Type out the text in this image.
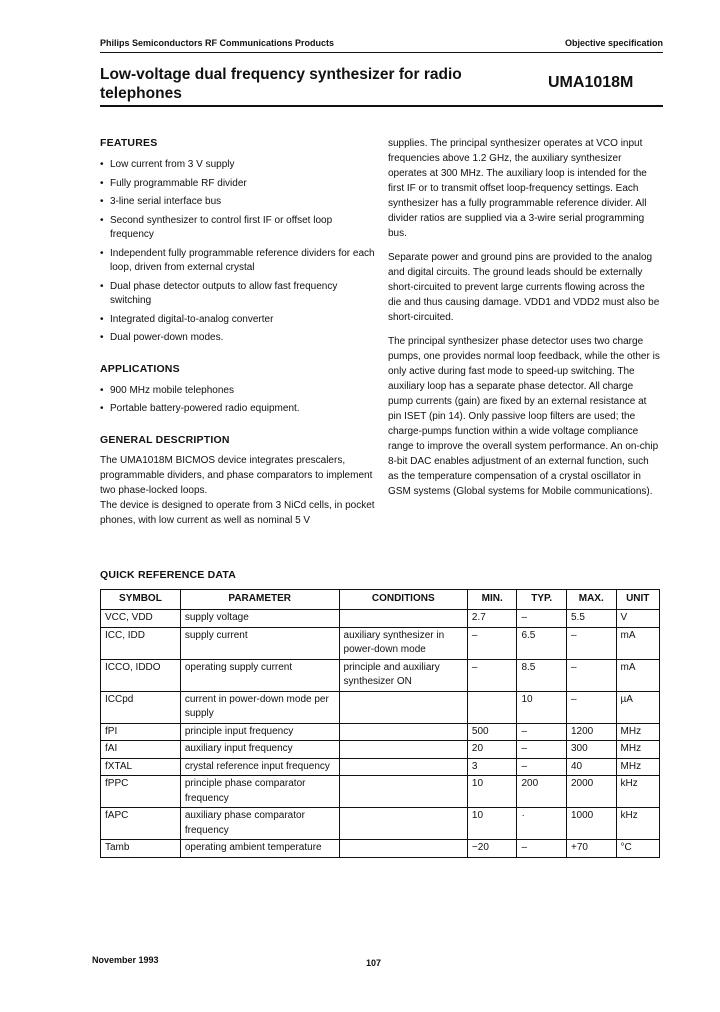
Philips Semiconductors RF Communications Products	Objective specification
Low-voltage dual frequency synthesizer for radio
telephones
UMA1018M
FEATURES
• Low current from 3 V supply
• Fully programmable RF divider
• 3-line serial interface bus
• Second synthesizer to control first IF or offset loop frequency
• Independent fully programmable reference dividers for each loop, driven from external crystal
• Dual phase detector outputs to allow fast frequency switching
• Integrated digital-to-analog converter
• Dual power-down modes.
APPLICATIONS
• 900 MHz mobile telephones
• Portable battery-powered radio equipment.
GENERAL DESCRIPTION

The UMA1018M BICMOS device integrates prescalers, programmable dividers, and phase comparators to implement two phase-locked loops.

The device is designed to operate from 3 NiCd cells, in pocket phones, with low current as well as nominal 5 V

supplies. The principal synthesizer operates at VCO input frequencies above 1.2 GHz, the auxiliary synthesizer operates at 300 MHz. The auxiliary loop is intended for the first IF or to transmit offset loop-frequency settings. Each synthesizer has a fully programmable reference divider. All divider ratios are supplied via a 3-wire serial programming bus.

Separate power and ground pins are provided to the analog and digital circuits. The ground leads should be externally short-circuited to prevent large currents flowing across the die and thus causing damage. VDD1 and VDD2 must also be short-circuited.

The principal synthesizer phase detector uses two charge pumps, one provides normal loop feedback, while the other is only active during fast mode to speed-up switching. The auxiliary loop has a separate phase detector. All charge pump currents (gain) are fixed by an external resistance at pin ISET (pin 14). Only passive loop filters are used; the charge-pumps function within a wide voltage compliance range to improve the overall system performance. An on-chip 8-bit DAC enables adjustment of an external function, such as the temperature compensation of a crystal oscillator in GSM systems (Global systems for Mobile communications).

QUICK REFERENCE DATA
SYMBOL	PARAMETER	CONDITIONS	MIN.	TYP.	MAX.	UNIT
VCC, VDD	supply voltage		2.7	–	5.5	V
ICC, IDD	supply current	auxiliary synthesizer in power-down mode	–	6.5	–	mA
ICCO, IDDO	operating supply current	principle and auxiliary synthesizer ON	–	8.5	–	mA
ICCpd	current in power-down mode per supply			10	–	µA
fPI	principle input frequency		500	–	1200	MHz
fAI	auxiliary input frequency		20	–	300	MHz
fXTAL	crystal reference input frequency		3	–	40	MHz
fPPC	principle phase comparator frequency		10	200	2000	kHz
fAPC	auxiliary phase comparator frequency		10	·	1000	kHz
Tamb	operating ambient temperature		−20	–	+70	°C
November 1993	107
